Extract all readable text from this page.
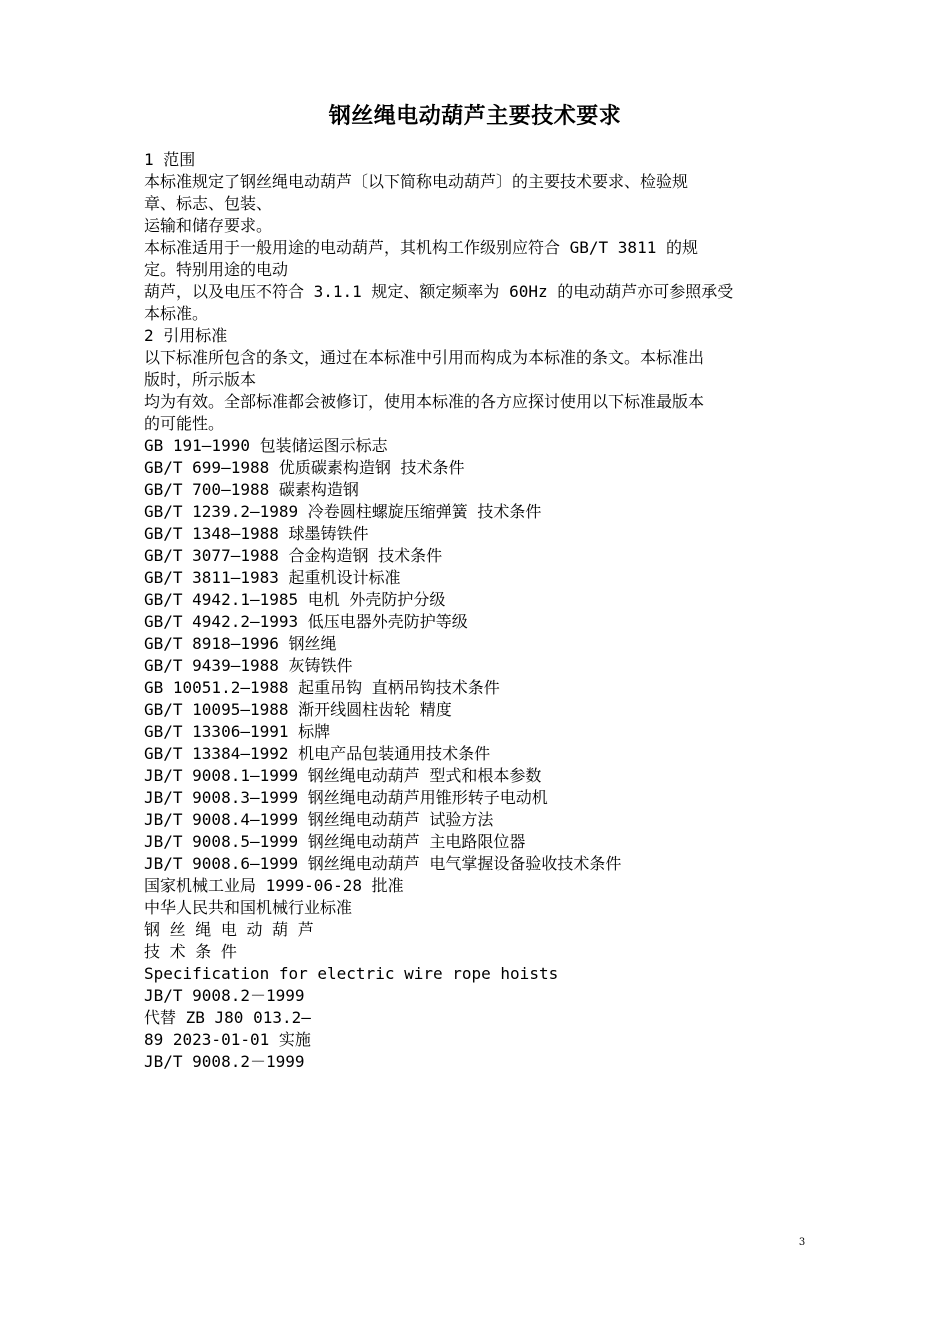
钢丝绳电动葫芦主要技术要求
1 范围
本标准规定了钢丝绳电动葫芦〔以下简称电动葫芦〕的主要技术要求、检验规
章、标志、包装、
运输和储存要求。
本标准适用于一般用途的电动葫芦，其机构工作级别应符合 GB/T 3811 的规
定。特别用途的电动
葫芦，以及电压不符合 3.1.1 规定、额定频率为 60Hz 的电动葫芦亦可参照承受
本标准。
2 引用标准
以下标准所包含的条文，通过在本标准中引用而构成为本标准的条文。本标准出
版时，所示版本
均为有效。全部标准都会被修订，使用本标准的各方应探讨使用以下标准最版本
的可能性。
GB 191—1990 包装储运图示标志
GB/T 699—1988 优质碳素构造钢 技术条件
GB/T 700—1988 碳素构造钢
GB/T 1239.2—1989 冷卷圆柱螺旋压缩弹簧 技术条件
GB/T 1348—1988 球墨铸铁件
GB/T 3077—1988 合金构造钢 技术条件
GB/T 3811—1983 起重机设计标准
GB/T 4942.1—1985 电机 外壳防护分级
GB/T 4942.2—1993 低压电器外壳防护等级
GB/T 8918—1996 钢丝绳
GB/T 9439—1988 灰铸铁件
GB 10051.2—1988 起重吊钩 直柄吊钩技术条件
GB/T 10095—1988 渐开线圆柱齿轮 精度
GB/T 13306—1991 标牌
GB/T 13384—1992 机电产品包装通用技术条件
JB/T 9008.1—1999 钢丝绳电动葫芦 型式和根本参数
JB/T 9008.3—1999 钢丝绳电动葫芦用锥形转子电动机
JB/T 9008.4—1999 钢丝绳电动葫芦 试验方法
JB/T 9008.5—1999 钢丝绳电动葫芦 主电路限位器
JB/T 9008.6—1999 钢丝绳电动葫芦 电气掌握设备验收技术条件
国家机械工业局 1999-06-28 批准
中华人民共和国机械行业标准
钢 丝 绳 电 动 葫 芦
技 术 条 件
Specification for electric wire rope hoists
JB/T 9008.2－1999
代替 ZB J80 013.2—
89 2023-01-01 实施
JB/T 9008.2－1999
3
